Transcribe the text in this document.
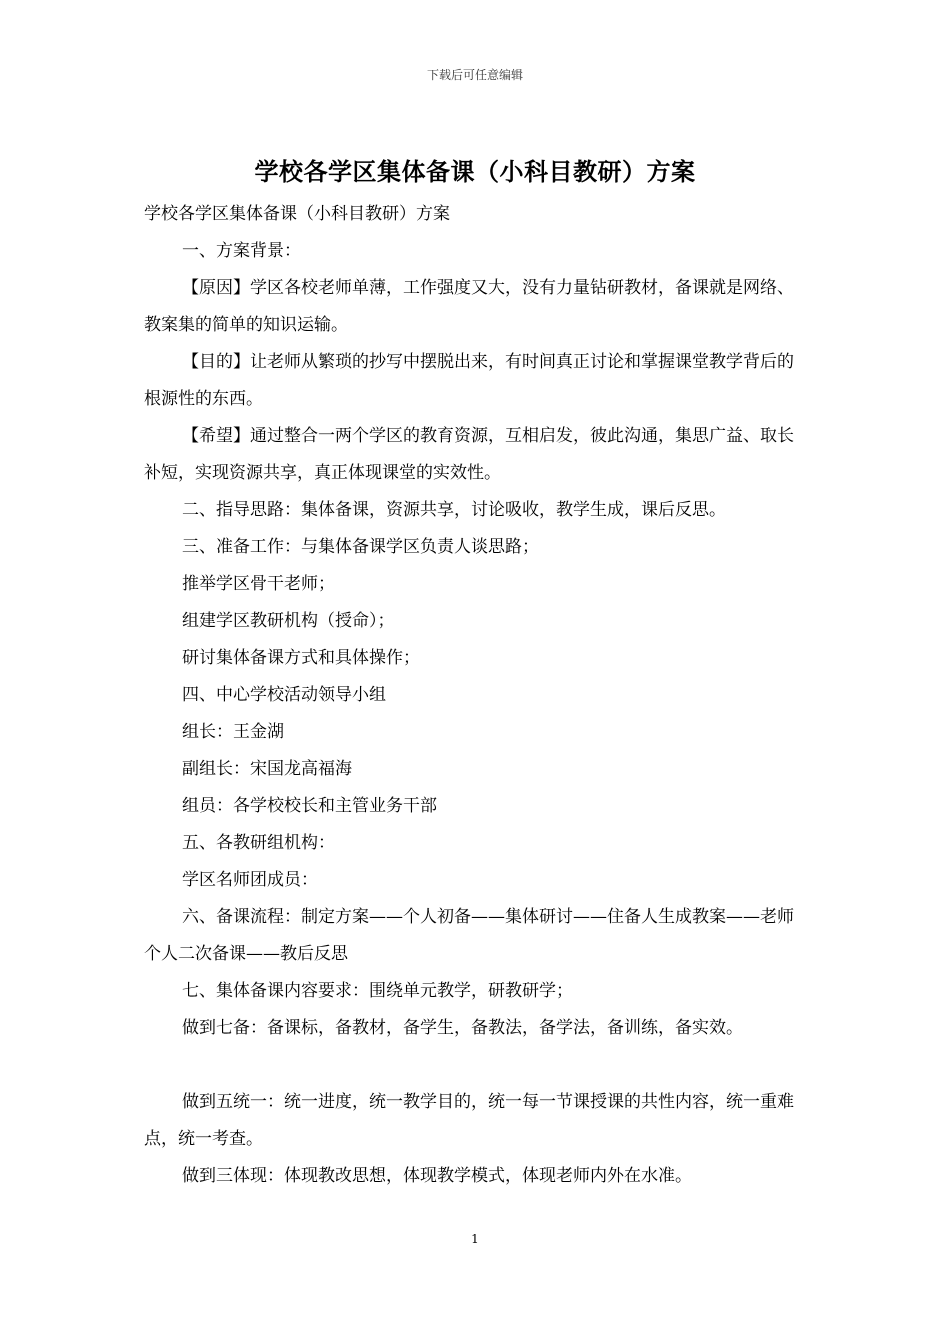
下载后可任意编辑
学校各学区集体备课（小科目教研）方案

学校各学区集体备课（小科目教研）方案

一、方案背景：

【原因】学区各校老师单薄，工作强度又大，没有力量钻研教材，备课就是网络、教案集的简单的知识运输。

【目的】让老师从繁琐的抄写中摆脱出来，有时间真正讨论和掌握课堂教学背后的根源性的东西。

【希望】通过整合一两个学区的教育资源，互相启发，彼此沟通，集思广益、取长补短，实现资源共享，真正体现课堂的实效性。

二、指导思路：集体备课，资源共享，讨论吸收，教学生成，课后反思。

三、准备工作：与集体备课学区负责人谈思路；

推举学区骨干老师；

组建学区教研机构（授命）；

研讨集体备课方式和具体操作；

四、中心学校活动领导小组

组长：王金湖

副组长：宋国龙高福海

组员：各学校校长和主管业务干部

五、各教研组机构：

学区名师团成员：

六、备课流程：制定方案——个人初备——集体研讨——住备人生成教案——老师个人二次备课——教后反思

七、集体备课内容要求：围绕单元教学，研教研学；

做到七备：备课标，备教材，备学生，备教法，备学法，备训练，备实效。

做到五统一：统一进度，统一教学目的，统一每一节课授课的共性内容，统一重难点，统一考查。

做到三体现：体现教改思想，体现教学模式，体现老师内外在水准。

1
